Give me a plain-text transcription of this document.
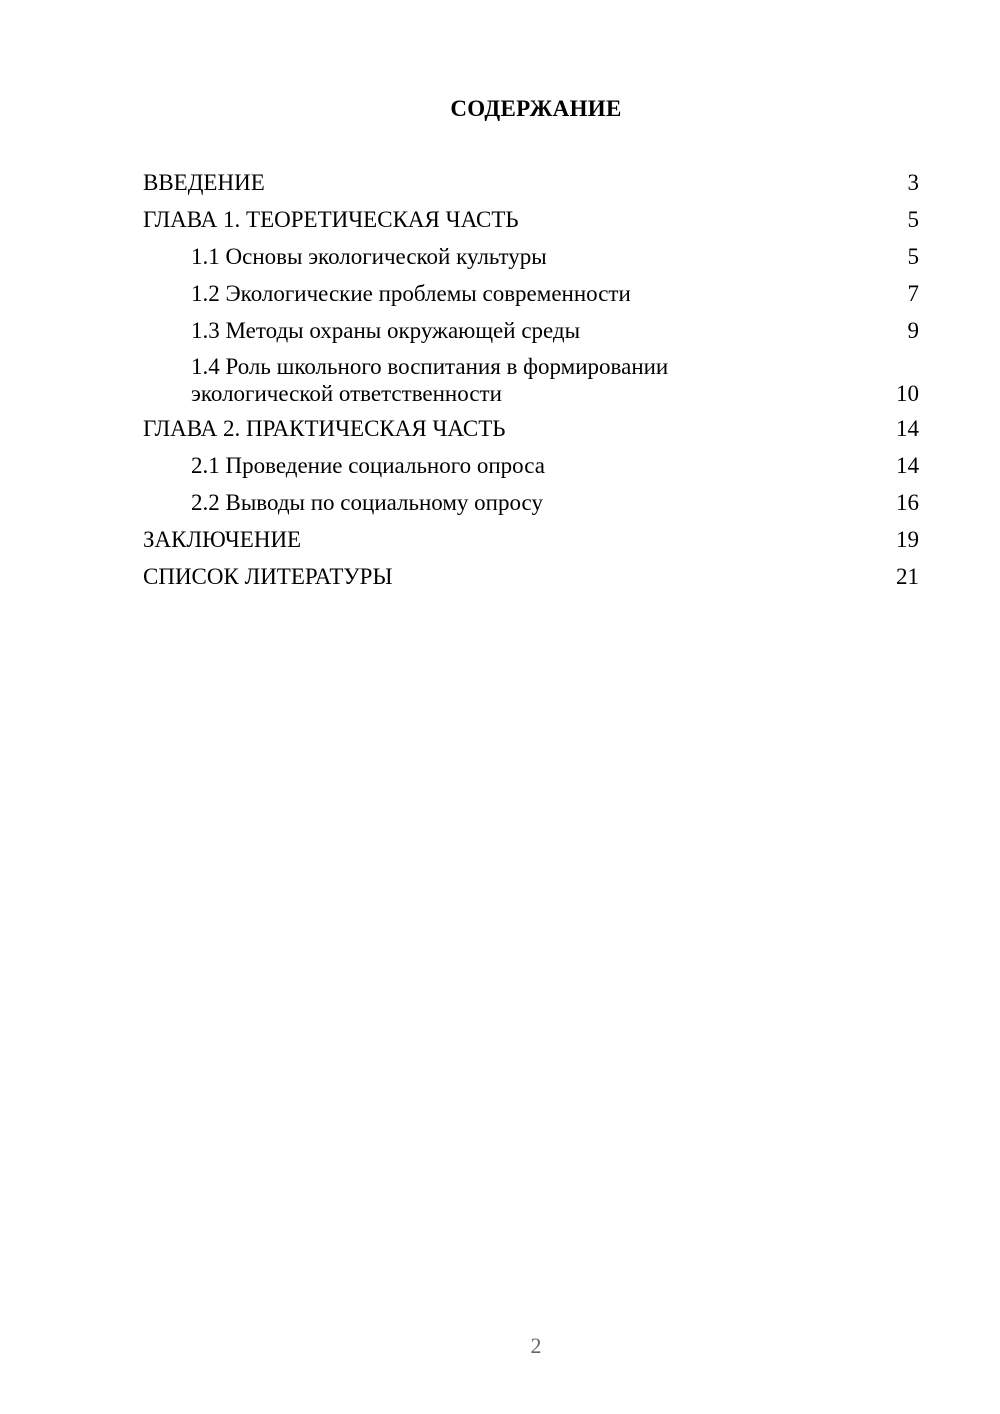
СОДЕРЖАНИЕ
ВВЕДЕНИЕ	3
ГЛАВА 1. ТЕОРЕТИЧЕСКАЯ ЧАСТЬ	5
1.1 Основы экологической культуры	5
1.2 Экологические проблемы современности	7
1.3 Методы охраны окружающей среды	9
1.4 Роль школьного воспитания в формировании
экологической ответственности	10
ГЛАВА 2. ПРАКТИЧЕСКАЯ ЧАСТЬ	14
2.1 Проведение социального опроса	14
2.2 Выводы по социальному опросу	16
ЗАКЛЮЧЕНИЕ	19
СПИСОК ЛИТЕРАТУРЫ	21
2
